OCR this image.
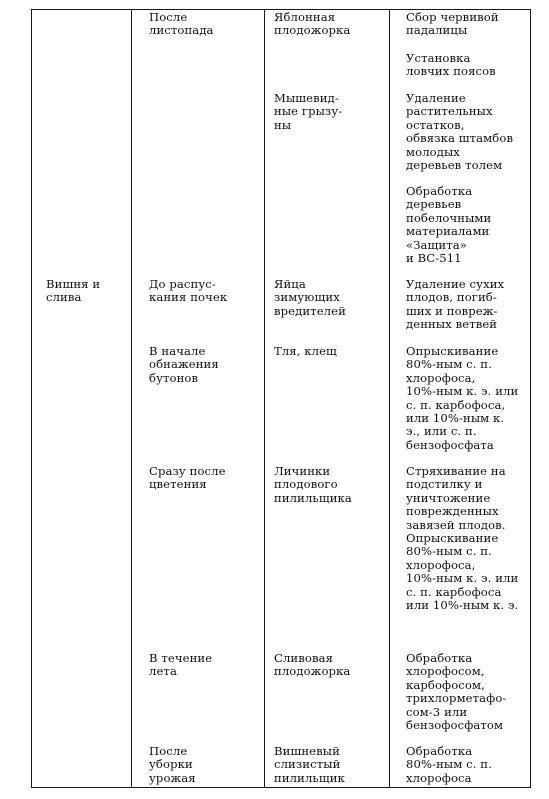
Вишня и
слива
После
листопада
Яблонная
плодожорка
Сбор червивой
падалицы
Установка
ловчих поясов
Мышевид-
ные грызу-
ны
Удаление
растительных
остатков,
обвязка штамбов
молодых
деревьев толем
Обработка
деревьев
побелочными
материалами
«Защита»
и ВС-511
До распус-
кания почек
Яйца
зимующих
вредителей
Удаление сухих
плодов, погиб-
ших и повреж-
денных ветвей
В начале
обнажения
бутонов
Тля, клещ	Опрыскивание
80%-ным с. п.
хлорофоса,
10%-ным к. э. или
с. п. карбофоса,
или 10%-ным к.
э., или с. п.
бензофосфата
Сразу после
цветения
Личинки
плодового
пилильщика
Стряхивание на
подстилку и
уничтожение
поврежденных
завязей плодов.
Опрыскивание
80%-ным с. п.
хлорофоса,
10%-ным к. э. или
с. п. карбофоса
или 10%-ным к. э.
В течение
лета
Сливовая
плодожорка
Обработка
хлорофосом,
карбофосом,
трихлорметафо-
сом-3 или
бензофосфатом
После
уборки
урожая
Вишневый
слизистый
пилильщик
Обработка
80%-ным с. п.
хлорофоса
